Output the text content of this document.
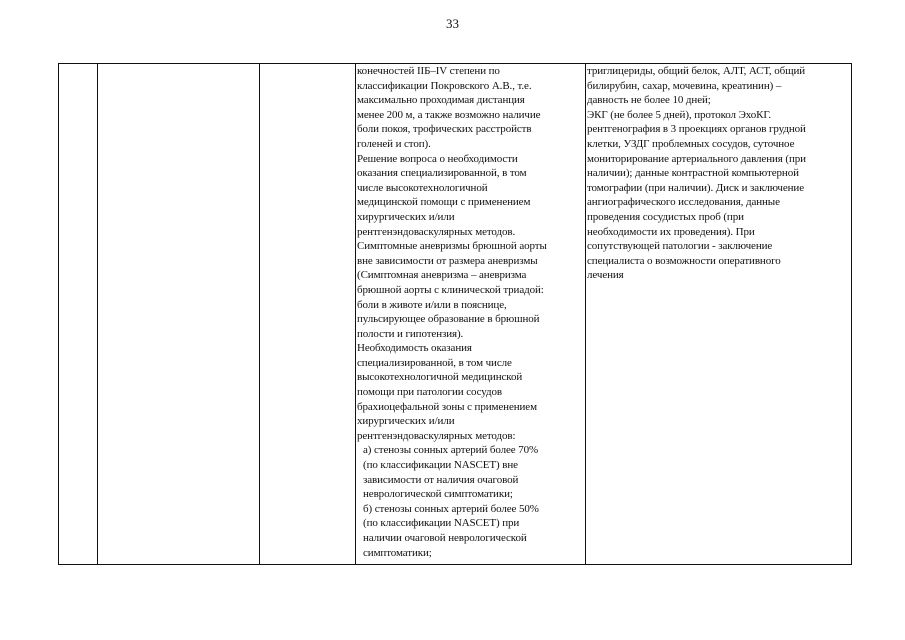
33

конечностей IIБ–IV степени по

классификации Покровского А.В., т.е.

максимально проходимая дистанция

менее 200 м, а также возможно наличие

боли покоя, трофических расстройств

голеней и стоп).

Решение вопроса о необходимости

оказания специализированной, в том

числе высокотехнологичной

медицинской помощи с применением

хирургических и/или

рентгенэндоваскулярных методов.

Симптомные аневризмы брюшной аорты

вне зависимости от размера аневризмы

(Симптомная аневризма – аневризма

брюшной аорты с клинической триадой:

боли в животе и/или в пояснице,

пульсирующее образование в брюшной

полости и гипотензия).

Необходимость оказания

специализированной, в том числе

высокотехнологичной медицинской

помощи при патологии сосудов

брахиоцефальной зоны с применением

хирургических и/или

рентгенэндоваскулярных методов:

а) стенозы сонных артерий более 70%

(по классификации NASCET) вне

зависимости от наличия очаговой

неврологической симптоматики;

б) стенозы сонных артерий более 50%

(по классификации NASCET) при

наличии очаговой неврологической

симптоматики;

триглицериды, общий белок, АЛТ, АСТ, общий

билирубин, сахар, мочевина, креатинин) –

давность не более 10 дней;

ЭКГ (не более 5 дней), протокол ЭхоКГ.

рентгенография в 3 проекциях органов грудной

клетки, УЗДГ проблемных сосудов, суточное

мониторирование артериального давления (при

наличии); данные контрастной компьютерной

томографии (при наличии). Диск и заключение

ангиографического исследования, данные

проведения сосудистых проб (при

необходимости их проведения). При

сопутствующей патологии - заключение

специалиста о возможности оперативного

лечения
